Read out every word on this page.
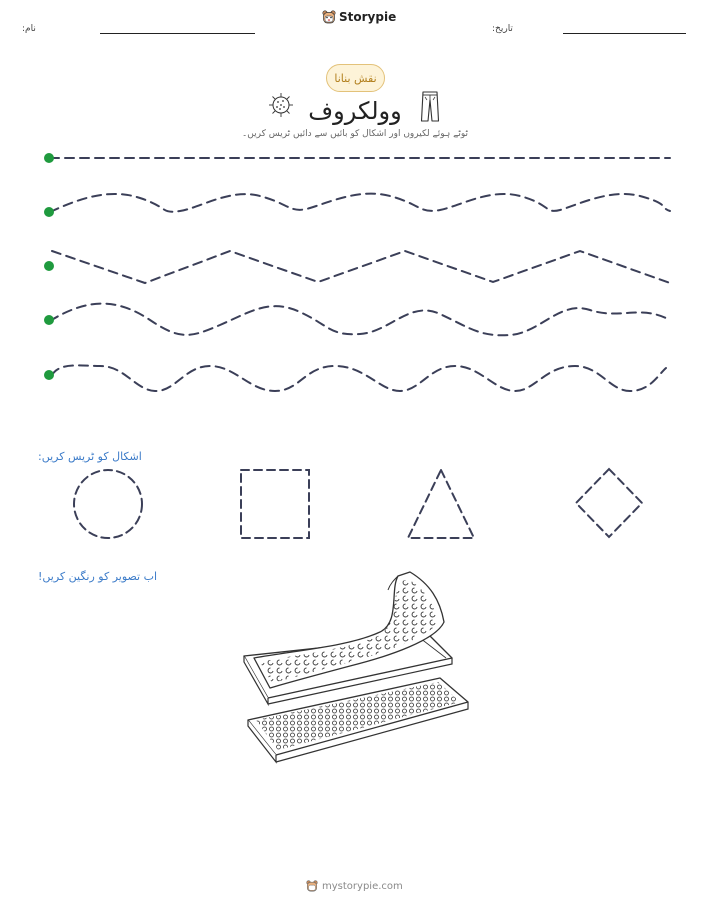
نام:
Storypie
تاریخ:
نقش بنانا
وولکروف
ٹوٹے ہوئے لکیروں اور اشکال کو بائیں سے دائیں ٹریس کریں۔
اشکال کو ٹریس کریں:
اب تصویر کو رنگین کریں!
mystorypie.com
